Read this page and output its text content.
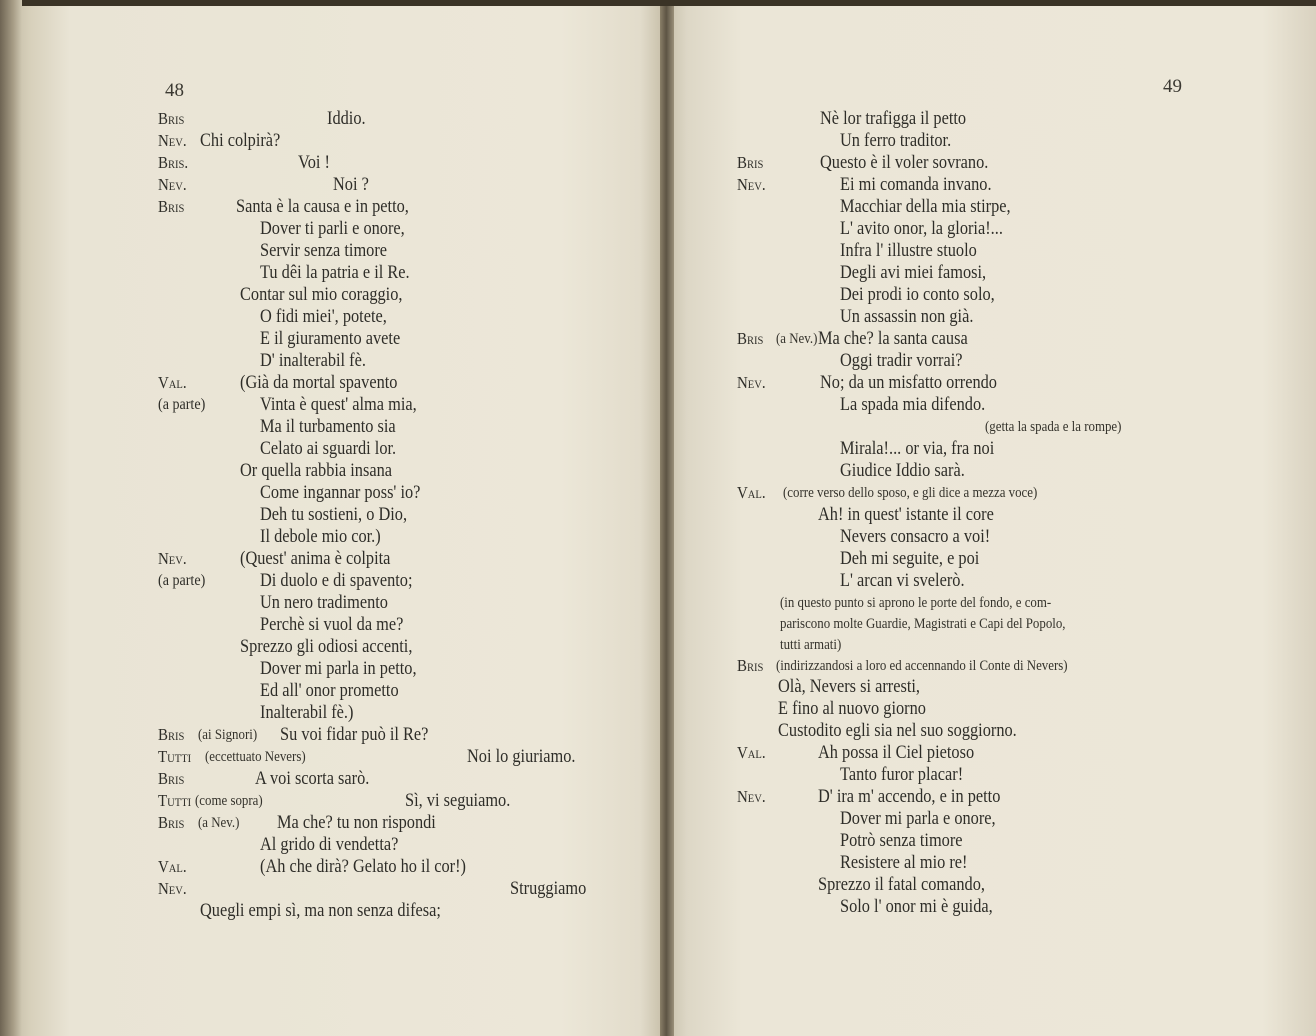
48
Bris	Iddio.
Nev. Chi colpirà?
Bris.	Voi !
Nev.	Noi ?
Bris	Santa è la causa e in petto,
Dover ti parli e onore,
Servir senza timore
Tu dêi la patria e il Re.
Contar sul mio coraggio,
O fidi miei', potete,
E il giuramento avete
D' inalterabil fè.
Val.	(Già da mortal spavento
(a parte)	Vinta è quest' alma mia,
Ma il turbamento sia
Celato ai sguardi lor.
Or quella rabbia insana
Come ingannar poss' io?
Deh tu sostieni, o Dio,
Il debole mio cor.)
Nev.	(Quest' anima è colpita
(a parte)	Di duolo e di spavento;
Un nero tradimento
Perchè si vuol da me?
Sprezzo gli odiosi accenti,
Dover mi parla in petto,
Ed all' onor prometto
Inalterabil fè.)
Bris (ai Signori) Su voi fidar può il Re?
Tutti (eccettuato Nevers)	Noi lo giuriamo.
Bris	A voi scorta sarò.
Tutti (come sopra)	Sì, vi seguiamo.
Bris (a Nev.) Ma che? tu non rispondi
Al grido di vendetta?
Val.	(Ah che dirà? Gelato ho il cor!)
Nev.	Struggiamo
Quegli empi sì, ma non senza difesa;
49
Nè lor trafigga il petto
Un ferro traditor.
Bris	Questo è il voler sovrano.
Nev.	Ei mi comanda invano.
Macchiar della mia stirpe,
L' avito onor, la gloria!...
Infra l' illustre stuolo
Degli avi miei famosi,
Dei prodi io conto solo,
Un assassin non già.
Bris (a Nev.) Ma che? la santa causa
Oggi tradir vorrai?
Nev.	No; da un misfatto orrendo
La spada mia difendo.
(getta la spada e la rompe)
Mirala!... or via, fra noi
Giudice Iddio sarà.
Val. (corre verso dello sposo, e gli dice a mezza voce)
Ah! in quest' istante il core
Nevers consacro a voi!
Deh mi seguite, e poi
L' arcan vi svelerò.
(in questo punto si aprono le porte del fondo, e com-
pariscono molte Guardie, Magistrati e Capi del Popolo,
tutti armati)
Bris (indirizzandosi a loro ed accennando il Conte di Nevers)
Olà, Nevers si arresti,
E fino al nuovo giorno
Custodito egli sia nel suo soggiorno.
Val.	Ah possa il Ciel pietoso
Tanto furor placar!
Nev.	D' ira m' accendo, e in petto
Dover mi parla e onore,
Potrò senza timore
Resistere al mio re!
Sprezzo il fatal comando,
Solo l' onor mi è guida,
